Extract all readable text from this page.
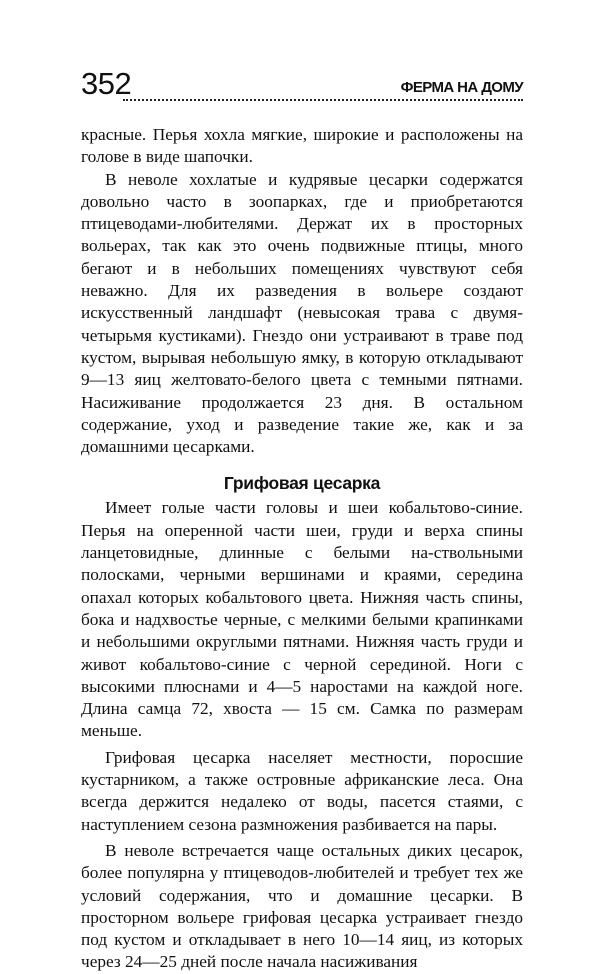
352	ФЕРМА НА ДОМУ

красные. Перья хохла мягкие, широкие и расположены на голове в виде шапочки.

В неволе хохлатые и кудрявые цесарки содержатся довольно часто в зоопарках, где и приобретаются птицеводами-любителями. Держат их в просторных вольерах, так как это очень подвижные птицы, много бегают и в небольших помещениях чувствуют себя неважно. Для их разведения в вольере создают искусственный ландшафт (невысокая трава с двумя-четырьмя кустиками). Гнездо они устраивают в траве под кустом, вырывая небольшую ямку, в которую откладывают 9—13 яиц желтовато-белого цвета с темными пятнами. Насиживание продолжается 23 дня. В остальном содержание, уход и разведение такие же, как и за домашними цесарками.

Грифовая цесарка

Имеет голые части головы и шеи кобальтово-синие. Перья на оперенной части шеи, груди и верха спины ланцетовидные, длинные с белыми на-ствольными полосками, черными вершинами и краями, середина опахал которых кобальтового цвета. Нижняя часть спины, бока и надхвостье черные, с мелкими белыми крапинками и небольшими округлыми пятнами. Нижняя часть груди и живот кобальтово-синие с черной серединой. Ноги с высокими плюснами и 4—5 наростами на каждой ноге. Длина самца 72, хвоста — 15 см. Самка по размерам меньше.

Грифовая цесарка населяет местности, поросшие кустарником, а также островные африканские леса. Она всегда держится недалеко от воды, пасется стаями, с наступлением сезона размножения разбивается на пары.

В неволе встречается чаще остальных диких цесарок, более популярна у птицеводов-любителей и требует тех же условий содержания, что и домашние цесарки. В просторном вольере грифовая цесарка устраивает гнездо под кустом и откладывает в него 10—14 яиц, из которых через 24—25 дней после начала насиживания
